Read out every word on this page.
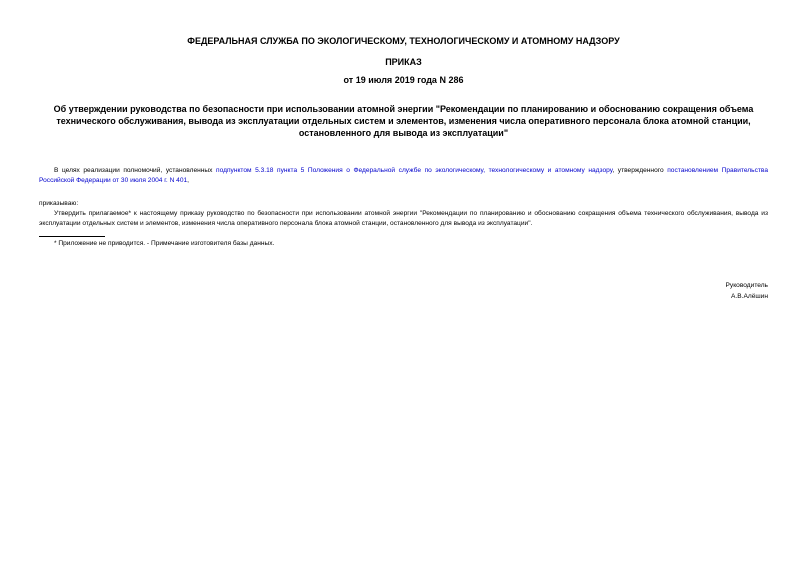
ФЕДЕРАЛЬНАЯ СЛУЖБА ПО ЭКОЛОГИЧЕСКОМУ, ТЕХНОЛОГИЧЕСКОМУ И АТОМНОМУ НАДЗОРУ
ПРИКАЗ
от 19 июля 2019 года N 286
Об утверждении руководства по безопасности при использовании атомной энергии "Рекомендации по планированию и обоснованию сокращения объема технического обслуживания, вывода из эксплуатации отдельных систем и элементов, изменения числа оперативного персонала блока атомной станции, остановленного для вывода из эксплуатации"
В целях реализации полномочий, установленных подпунктом 5.3.18 пункта 5 Положения о Федеральной службе по экологическому, технологическому и атомному надзору, утвержденного постановлением Правительства Российской Федерации от 30 июля 2004 г. N 401,
приказываю:
Утвердить прилагаемое* к настоящему приказу руководство по безопасности при использовании атомной энергии "Рекомендации по планированию и обоснованию сокращения объема технического обслуживания, вывода из эксплуатации отдельных систем и элементов, изменения числа оперативного персонала блока атомной станции, остановленного для вывода из эксплуатации".
* Приложение не приводится. - Примечание изготовителя базы данных.
Руководитель
А.В.Алёшин
